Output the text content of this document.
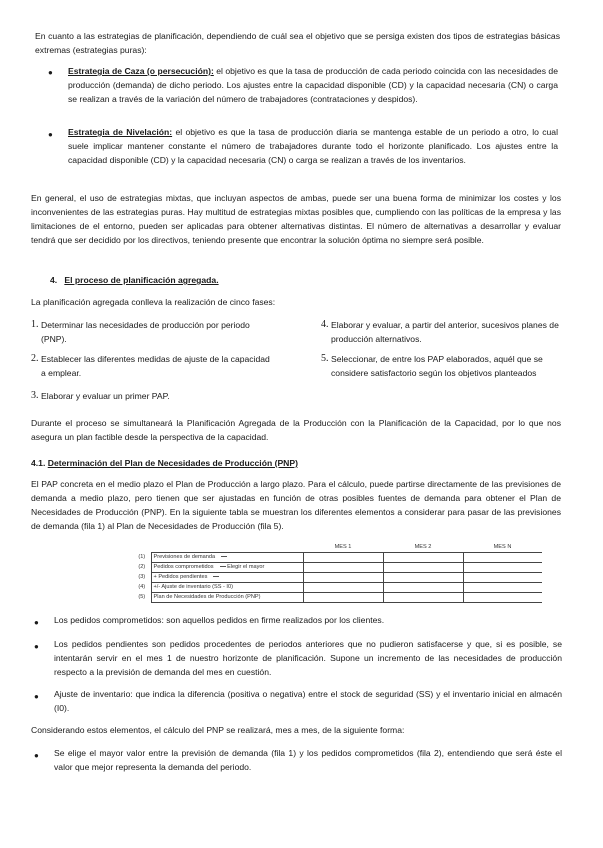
En cuanto a las estrategias de planificación, dependiendo de cuál sea el objetivo que se persiga existen dos tipos de estrategias básicas extremas (estrategias puras):

● Estrategia de Caza (o persecución): el objetivo es que la tasa de producción de cada periodo coincida con las necesidades de producción (demanda) de dicho periodo. Los ajustes entre la capacidad disponible (CD) y la capacidad necesaria (CN) o carga se realizan a través de la variación del número de trabajadores (contrataciones y despidos).

● Estrategia de Nivelación: el objetivo es que la tasa de producción diaria se mantenga estable de un periodo a otro, lo cual suele implicar mantener constante el número de trabajadores durante todo el horizonte planificado. Los ajustes entre la capacidad disponible (CD) y la capacidad necesaria (CN) o carga se realizan a través de los inventarios.

En general, el uso de estrategias mixtas, que incluyan aspectos de ambas, puede ser una buena forma de minimizar los costes y los inconvenientes de las estrategias puras. Hay multitud de estrategias mixtas posibles que, cumpliendo con las políticas de la empresa y las limitaciones de el entorno, pueden ser aplicadas para obtener alternativas distintas. El número de alternativas a desarrollar y evaluar tendrá que ser decidido por los directivos, teniendo presente que encontrar la solución óptima no siempre será posible.

4. El proceso de planificación agregada.

La planificación agregada conlleva la realización de cinco fases:

1. Determinar las necesidades de producción por periodo (PNP).

2. Establecer las diferentes medidas de ajuste de la capacidad a emplear.

3. Elaborar y evaluar un primer PAP.

4. Elaborar y evaluar, a partir del anterior, sucesivos planes de producción alternativos.

5. Seleccionar, de entre los PAP elaborados, aquél que se considere satisfactorio según los objetivos planteados

Durante el proceso se simultaneará la Planificación Agregada de la Producción con la Planificación de la Capacidad, por lo que nos asegura un plan factible desde la perspectiva de la capacidad.

4.1. Determinación del Plan de Necesidades de Producción (PNP)

El PAP concreta en el medio plazo el Plan de Producción a largo plazo. Para el cálculo, puede partirse directamente de las previsiones de demanda a medio plazo, pero tienen que ser ajustadas en función de otras posibles fuentes de demanda para obtener el Plan de Necesidades de Producción (PNP). En la siguiente tabla se muestran los diferentes elementos a considerar para pasar de las previsiones de demanda (fila 1) al Plan de Necesidades de Producción (fila 5).

		MES 1	MES 2	MES N
(1)	Previsiones de demanda			
(2)	Pedidos comprometidos Elegir el mayor			
(3)	+ Pedidos pendientes			
(4)	+/- Ajuste de inventario (SS - I0)			
(5)	Plan de Necesidades de Producción (PNP)			
● Los pedidos comprometidos: son aquellos pedidos en firme realizados por los clientes.

● Los pedidos pendientes son pedidos procedentes de periodos anteriores que no pudieron satisfacerse y que, si es posible, se intentarán servir en el mes 1 de nuestro horizonte de planificación. Supone un incremento de las necesidades de producción respecto a la previsión de demanda del mes en cuestión.

● Ajuste de inventario: que indica la diferencia (positiva o negativa) entre el stock de seguridad (SS) y el inventario inicial en almacén (I0).

Considerando estos elementos, el cálculo del PNP se realizará, mes a mes, de la siguiente forma:

● Se elige el mayor valor entre la previsión de demanda (fila 1) y los pedidos comprometidos (fila 2), entendiendo que será éste el valor que mejor representa la demanda del periodo.
